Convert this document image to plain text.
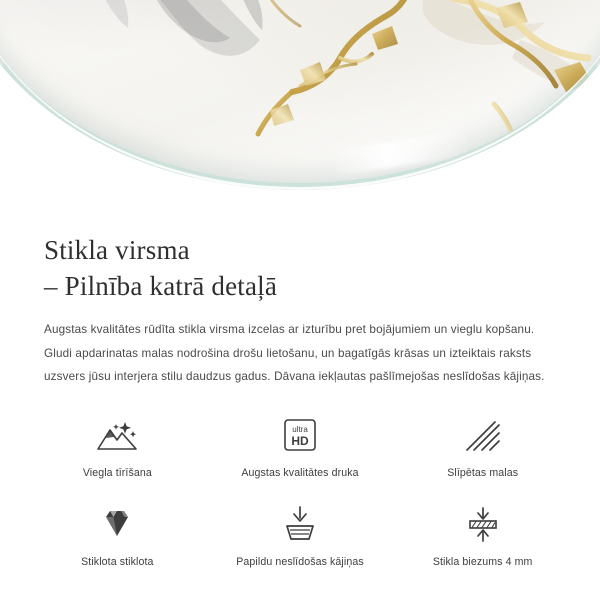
Stikla virsma
– Pilnība katrā detaļā

Augstas kvalitātes rūdīta stikla virsma izcelas ar izturību pret bojājumiem un vieglu kopšanu. Gludi apdarinatas malas nodrošina drošu lietošanu, un bagatīgās krāsas un izteiktais raksts uzsvers jūsu interjera stilu daudzus gadus. Dāvana iekļautas pašlīmejošas neslīdošas kājiņas.

Viegla tīrīšana
ultra
HD
Augstas kvalitātes druka	Slīpētas malas
Stiklota stiklota	Papildu neslīdošas kājiņas	Stikla biezums 4 mm
